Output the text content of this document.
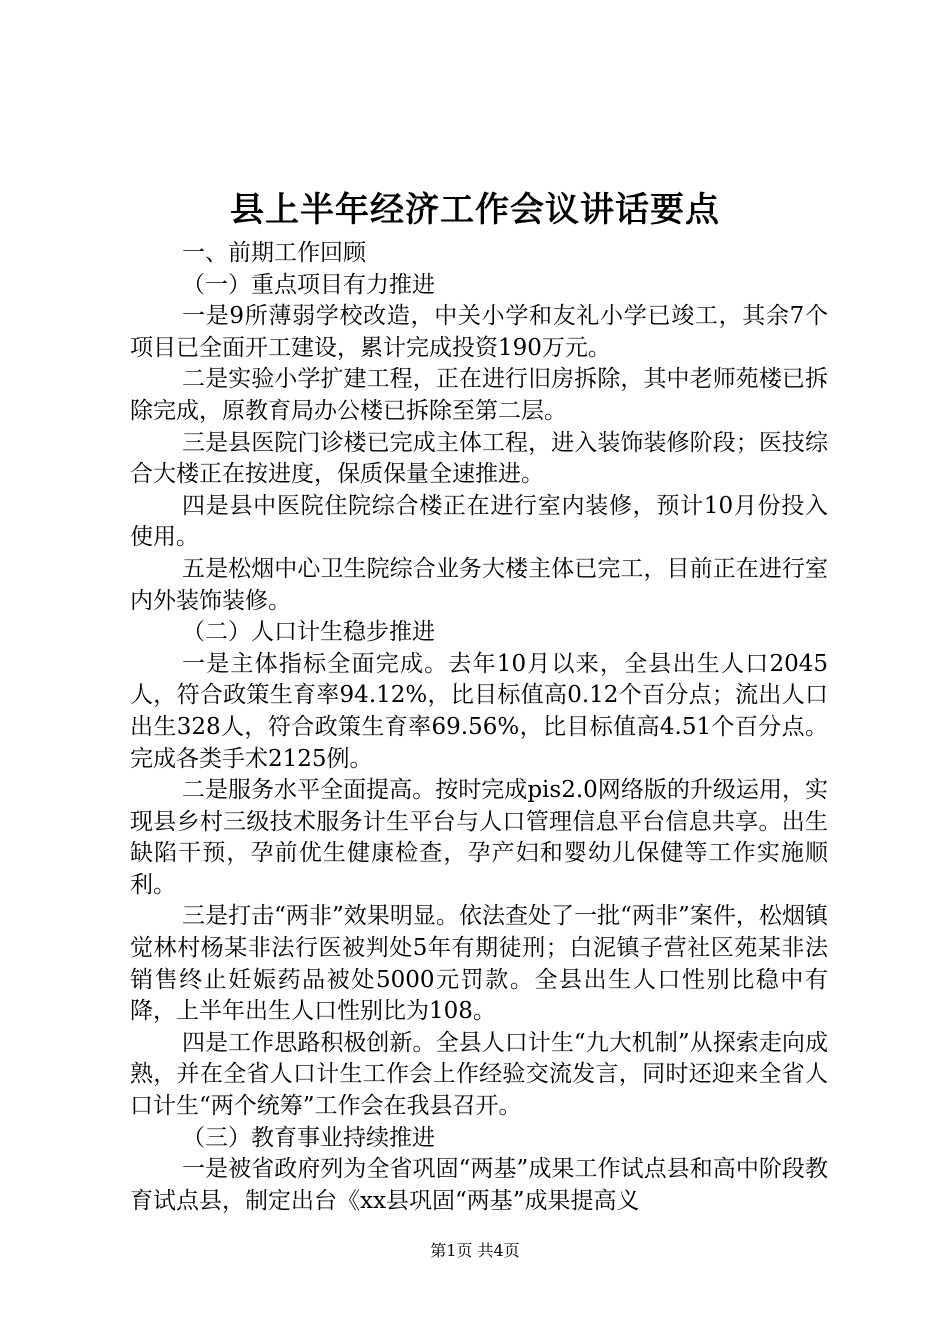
县上半年经济工作会议讲话要点

一、前期工作回顾

（一）重点项目有力推进

一是9所薄弱学校改造，中关小学和友礼小学已竣工，其余7个项目已全面开工建设，累计完成投资190万元。

二是实验小学扩建工程，正在进行旧房拆除，其中老师苑楼已拆除完成，原教育局办公楼已拆除至第二层。

三是县医院门诊楼已完成主体工程，进入装饰装修阶段；医技综合大楼正在按进度，保质保量全速推进。

四是县中医院住院综合楼正在进行室内装修，预计10月份投入使用。

五是松烟中心卫生院综合业务大楼主体已完工，目前正在进行室内外装饰装修。

（二）人口计生稳步推进

一是主体指标全面完成。去年10月以来，全县出生人口2045人，符合政策生育率94.12%，比目标值高0.12个百分点；流出人口出生328人，符合政策生育率69.56%，比目标值高4.51个百分点。完成各类手术2125例。

二是服务水平全面提高。按时完成pis2.0网络版的升级运用，实现县乡村三级技术服务计生平台与人口管理信息平台信息共享。出生缺陷干预，孕前优生健康检查，孕产妇和婴幼儿保健等工作实施顺利。

三是打击“两非”效果明显。依法查处了一批“两非”案件，松烟镇觉林村杨某非法行医被判处5年有期徒刑；白泥镇子营社区苑某非法销售终止妊娠药品被处5000元罚款。全县出生人口性别比稳中有降，上半年出生人口性别比为108。

四是工作思路积极创新。全县人口计生“九大机制”从探索走向成熟，并在全省人口计生工作会上作经验交流发言，同时还迎来全省人口计生“两个统筹”工作会在我县召开。

（三）教育事业持续推进

一是被省政府列为全省巩固“两基”成果工作试点县和高中阶段教育试点县，制定出台《xx县巩固“两基”成果提高义

第1页 共4页
